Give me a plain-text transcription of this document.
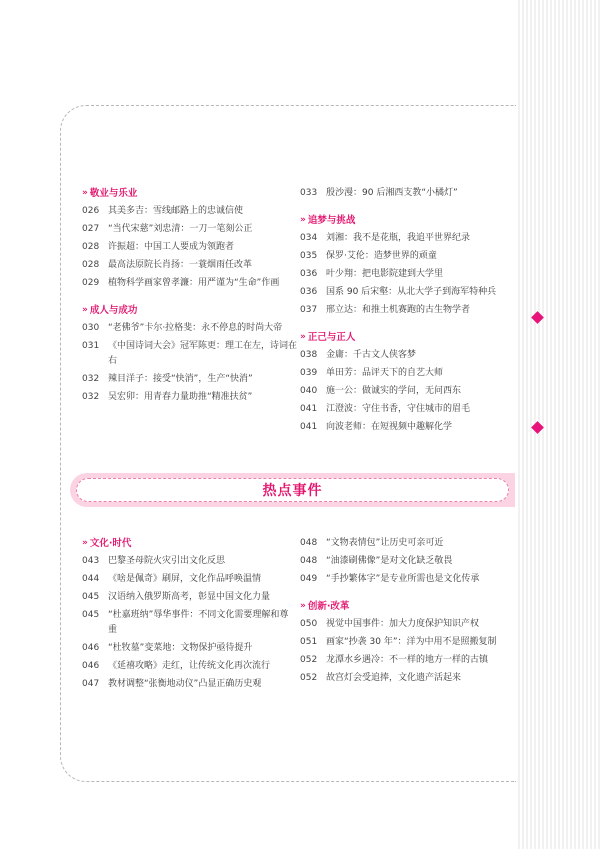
» 敬业与乐业
026 其美多吉：雪线邮路上的忠诚信使
027 “当代宋慈”刘忠清：一刀一笔刻公正
028 许振超：中国工人要成为领跑者
028 最高法原院长肖扬：一蓑烟雨任改革
029 植物科学画家曾孝濂：用严谨为“生命”作画
» 成人与成功
030 “老佛爷”卡尔·拉格斐：永不停息的时尚大帝
031 《中国诗词大会》冠军陈更：理工在左，诗词在右
032 辣目洋子：接受“快消”，生产“快消”
032 吴宏卯：用青春力量助推“精准扶贫”
033 殷沙漫：90 后湘西支教“小橘灯”
» 追梦与挑战
034 刘湘：我不是花瓶，我追平世界纪录
035 保罗·艾伦：造梦世界的顽童
036 叶少翔：把电影院建到大学里
036 国系 90 后宋壑：从北大学子到海军特种兵
037 邢立达：和推土机赛跑的古生物学者
» 正己与正人
038 金庸：千古文人侠客梦
039 单田芳：品评天下的自艺大师
040 施一公：做诚实的学问，无问西东
041 江澄波：守住书香，守住城市的眉毛
041 向波老师：在短视频中趣解化学
热点事件
» 文化·时代
043 巴黎圣母院火灾引出文化反思
044 《啥是佩奇》刷屏，文化作品呼唤温情
045 汉语纳入俄罗斯高考，彰显中国文化力量
045 “杜嘉班纳”辱华事件：不同文化需要理解和尊重
046 “杜牧墓”变菜地：文物保护亟待提升
046 《延禧攻略》走红，让传统文化再次流行
047 教材调整“张衡地动仪”凸显正确历史观
048 “文物表情包”让历史可亲可近
048 “油漆刷佛像”是对文化缺乏敬畏
049 “手抄繁体字”是专业所需也是文化传承
» 创新·改革
050 视觉中国事件：加大力度保护知识产权
051 画家“抄袭 30 年”：洋为中用不是照搬复制
052 龙潭水乡遇冷：不一样的地方一样的古镇
052 故宫灯会受追捧，文化遗产活起来
